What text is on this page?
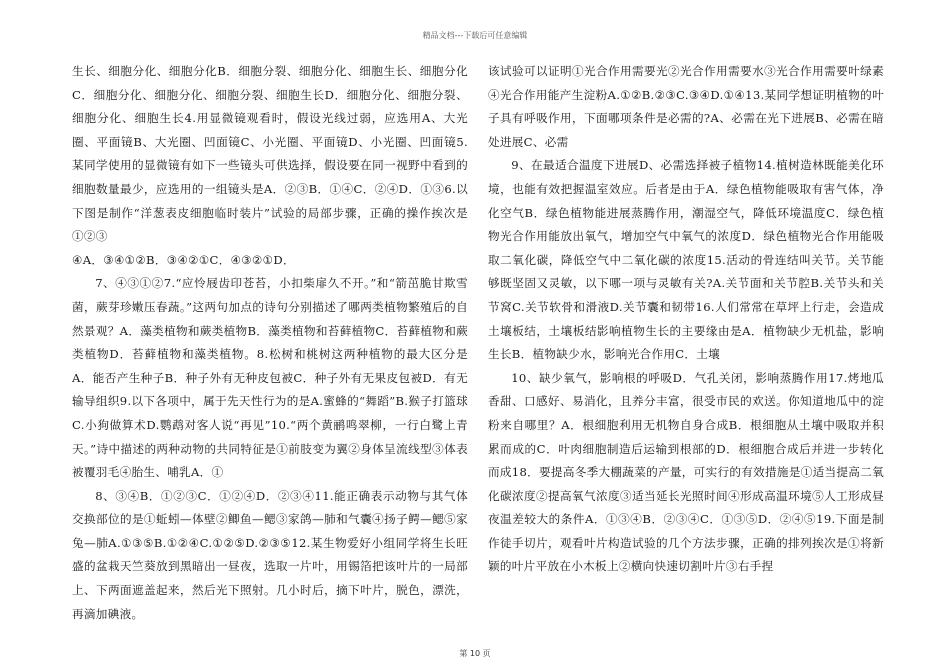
精品文档---下载后可任意编辑

生长、细胞分化、细胞分化B．细胞分裂、细胞分化、细胞生长、细胞分化C．细胞分化、细胞分化、细胞分裂、细胞生长D．细胞分化、细胞分裂、细胞分化、细胞生长4.用显微镜观看时，假设光线过弱，应选用A、大光圈、平面镜B、大光圈、凹面镜C、小光圈、平面镜D、小光圈、凹面镜5.某同学使用的显微镜有如下一些镜头可供选择，假设要在同一视野中看到的细胞数量最少，应选用的一组镜头是A．②③B．①④C．②④D．①③6.以下图是制作“洋葱表皮细胞临时装片”试验的局部步骤，正确的操作挨次是①②③

④A．③④①②B．③④②①C．④③②①D．

7、④③①②7.“应怜屐齿印苍苔，小扣柴扉久不开。”和“箭茁脆甘欺雪菌，蕨芽珍嫩压春蔬。”这两句加点的诗句分别描述了哪两类植物繁殖后的自然景观？A．藻类植物和蕨类植物B．藻类植物和苔藓植物C．苔藓植物和蕨类植物D．苔藓植物和藻类植物。8.松树和桃树这两种植物的最大区分是A．能否产生种子B．种子外有无种皮包被C．种子外有无果皮包被D．有无输导组织9.以下各项中，属于先天性行为的是A.蜜蜂的“舞蹈”B.猴子打篮球C.小狗做算术D.鹦鹉对客人说“再见”10.“两个黄鹂鸣翠柳，一行白鹭上青天。”诗中描述的两种动物的共同特征是①前肢变为翼②身体呈流线型③体表被覆羽毛④胎生、哺乳A．①

8、③④B．①②③C．①②④D．②③④11.能正确表示动物与其气体交换部位的是①蚯蚓—体壁②鲫鱼—鳃③家鸽—肺和气囊④扬子鳄—鳃⑤家兔—肺A.①③⑤B.①②④C.①②⑤D.②③⑤12.某生物爱好小组同学将生长旺盛的盆栽天竺葵放到黑暗出一昼夜，选取一片叶，用锡箔把该叶片的一局部上、下两面遮盖起来，然后光下照射。几小时后，摘下叶片，脱色，漂洗，再滴加碘液。

该试验可以证明①光合作用需要光②光合作用需要水③光合作用需要叶绿素④光合作用能产生淀粉A.①②B.②③C.③④D.①④13.某同学想证明植物的叶子具有呼吸作用，下面哪项条件是必需的?A、必需在光下进展B、必需在暗处进展C、必需

9、在最适合温度下进展D、必需选择被子植物14.植树造林既能美化环境，也能有效把握温室效应。后者是由于A．绿色植物能吸取有害气体，净化空气B．绿色植物能进展蒸腾作用，潮湿空气，降低环境温度C．绿色植物光合作用能放出氧气，增加空气中氧气的浓度D．绿色植物光合作用能吸取二氧化碳，降低空气中二氧化碳的浓度15.活动的骨连结叫关节。关节能够既坚固又灵敏，以下哪一项与灵敏有关?A.关节面和关节腔B.关节头和关节窝C.关节软骨和滑液D.关节囊和韧带16.人们常常在草坪上行走，会造成土壤板结，土壤板结影响植物生长的主要缘由是A．植物缺少无机盐，影响生长B．植物缺少水，影响光合作用C．土壤

10、缺少氧气，影响根的呼吸D．气孔关闭，影响蒸腾作用17.烤地瓜香甜、口感好、易消化，且养分丰富，很受市民的欢送。你知道地瓜中的淀粉来自哪里？A．根细胞利用无机物自身合成B．根细胞从土壤中吸取并积累而成的C．叶肉细胞制造后运输到根部的D．根细胞合成后并进一步转化而成18．要提高冬季大棚蔬菜的产量，可实行的有效措施是①适当提高二氧化碳浓度②提高氧气浓度③适当延长光照时间④形成高温环境⑤人工形成昼夜温差较大的条件A．①③④B．②③④C．①③⑤D．②④⑤19.下面是制作徒手切片，观看叶片构造试验的几个方法步骤，正确的排列挨次是①将新颖的叶片平放在小木板上②横向快速切割叶片③右手捏

第 10 页
